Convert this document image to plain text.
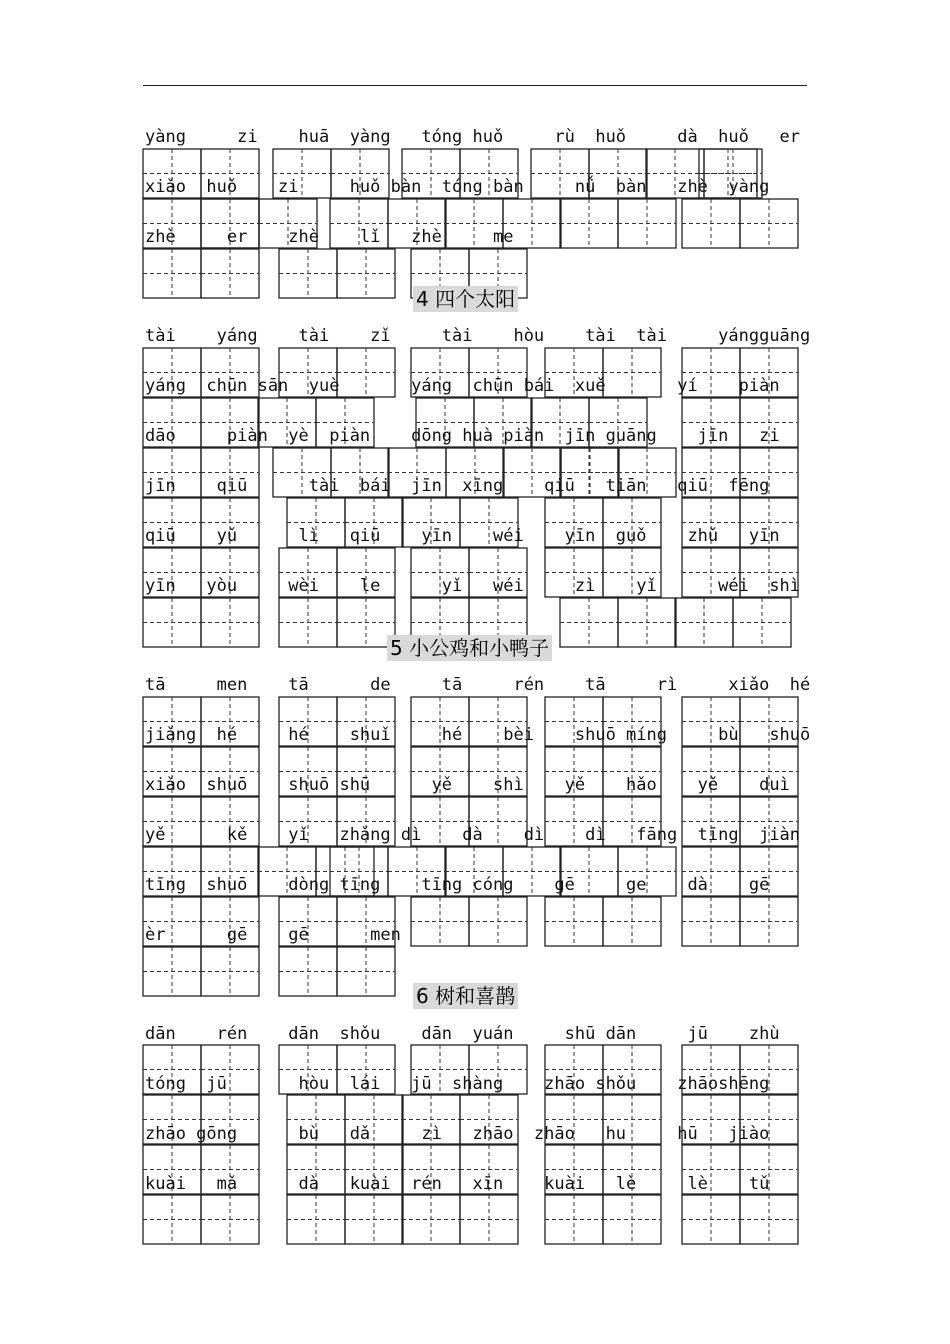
yàng     zi    huā  yàng   tóng huǒ     rù  huǒ     dà  huǒ   er
xiǎo  huǒ    zi     huǒ bàn  tóng bàn     nǚ  bàn   zhè  yàng
zhè     er    zhè    lǐ   zhè     me
4 四个太阳
tài    yáng    tài    zǐ     tài    hòu    tài  tài     yángguāng
yáng  chūn sān  yuè       yáng  chūn bái  xuě       yí    piàn
dāo     piàn  yè  piàn    dōng huà piàn  jīn guāng    jīn   zi
jīn    qiū      tài  bái  jīn  xīng    qiū   tiān   qiū  fēng
qiū    yǔ      lì   qiū    yīn    wéi    yīn  guǒ    zhǔ   yīn
yīn   yòu     wèi    le      yǐ   wéi     zì    yǐ      wéi  shì
5 小公鸡和小鸭子
tā     men    tā      de     tā     rén    tā     rì     xiǎo  hé
jiǎng  hé     hé    shuǐ     hé    bèi    shuō míng     bù   shuō
xiǎo  shuō    shuō shū      yě    shì    yě    hǎo    yě    duì
yě      kě    yǐ   zhǎng dì    dà    dì    dì   fāng  tīng  jiàn
tīng  shuō    dòng tīng    tīng cóng    gē     ge    dà    gē
èr      gē    gē      men
6 树和喜鹊
dān    rén    dān  shǒu    dān  yuán     shū dān     jū    zhù
tóng  jū       hòu  lái   jū  shàng    zhāo shǒu    zhāoshēng
zhāo gōng      bù   dǎ     zì   zhāo  zhāo   hu     hū   jiào
kuài   mǎ      dà   kuài  rén   xīn    kuài   lè     lè    tǔ
